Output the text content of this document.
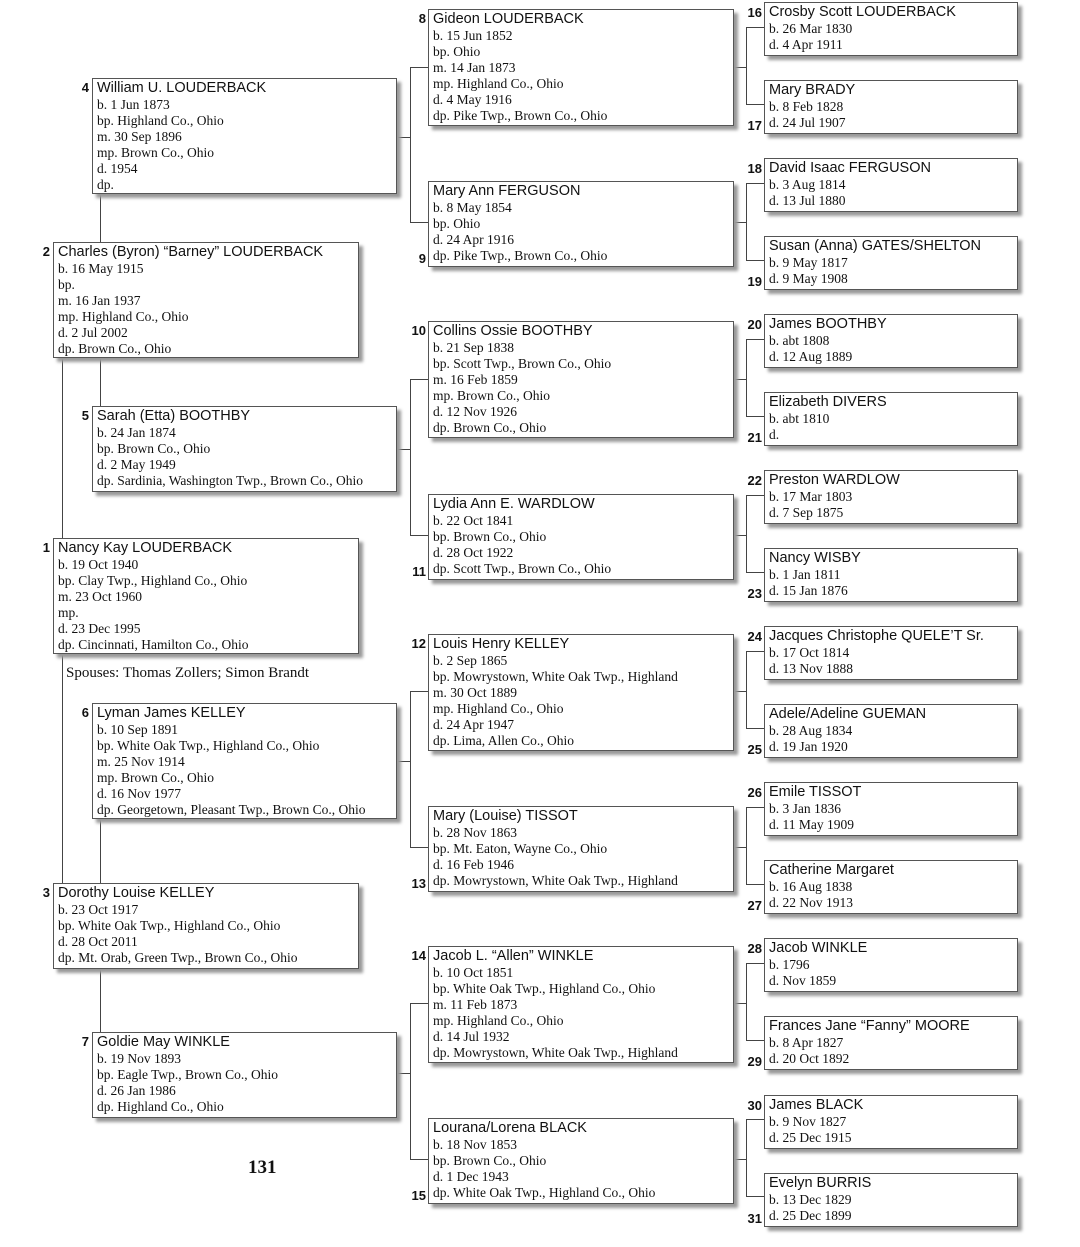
Nancy Kay LOUDERBACK
b. 19 Oct 1940
bp. Clay Twp., Highland Co., Ohio
m. 23 Oct 1960
mp.
d. 23 Dec 1995
dp. Cincinnati, Hamilton Co., Ohio
1
Charles (Byron) “Barney” LOUDERBACK
b. 16 May 1915
bp.
m. 16 Jan 1937
mp. Highland Co., Ohio
d. 2 Jul 2002
dp. Brown Co., Ohio
2
Dorothy Louise KELLEY
b. 23 Oct 1917
bp. White Oak Twp., Highland Co., Ohio
d. 28 Oct 2011
dp. Mt. Orab, Green Twp., Brown Co., Ohio
3
William U. LOUDERBACK
b. 1 Jun 1873
bp. Highland Co., Ohio
m. 30 Sep 1896
mp. Brown Co., Ohio
d. 1954
dp.
4
Sarah (Etta) BOOTHBY
b. 24 Jan 1874
bp. Brown Co., Ohio
d. 2 May 1949
dp. Sardinia, Washington Twp., Brown Co., Ohio
5
Lyman James KELLEY
b. 10 Sep 1891
bp. White Oak Twp., Highland Co., Ohio
m. 25 Nov 1914
mp. Brown Co., Ohio
d. 16 Nov 1977
dp. Georgetown, Pleasant Twp., Brown Co., Ohio
6
Goldie May WINKLE
b. 19 Nov 1893
bp. Eagle Twp., Brown Co., Ohio
d. 26 Jan 1986
dp. Highland Co., Ohio
7
Gideon LOUDERBACK
b. 15 Jun 1852
bp. Ohio
m. 14 Jan 1873
mp. Highland Co., Ohio
d. 4 May 1916
dp. Pike Twp., Brown Co., Ohio
8
Mary Ann FERGUSON
b. 8 May 1854
bp. Ohio
d. 24 Apr 1916
dp. Pike Twp., Brown Co., Ohio
9
Collins Ossie BOOTHBY
b. 21 Sep 1838
bp. Scott Twp., Brown Co., Ohio
m. 16 Feb 1859
mp. Brown Co., Ohio
d. 12 Nov 1926
dp. Brown Co., Ohio
10
Lydia Ann E. WARDLOW
b. 22 Oct 1841
bp. Brown Co., Ohio
d. 28 Oct 1922
dp. Scott Twp., Brown Co., Ohio
11
Louis Henry KELLEY
b. 2 Sep 1865
bp. Mowrystown, White Oak Twp., Highland
m. 30 Oct 1889
mp. Highland Co., Ohio
d. 24 Apr 1947
dp. Lima, Allen Co., Ohio
12
Mary (Louise) TISSOT
b. 28 Nov 1863
bp. Mt. Eaton, Wayne Co., Ohio
d. 16 Feb 1946
dp. Mowrystown, White Oak Twp., Highland
13
Jacob L. “Allen” WINKLE
b. 10 Oct 1851
bp. White Oak Twp., Highland Co., Ohio
m. 11 Feb 1873
mp. Highland Co., Ohio
d. 14 Jul 1932
dp. Mowrystown, White Oak Twp., Highland
14
Lourana/Lorena BLACK
b. 18 Nov 1853
bp. Brown Co., Ohio
d. 1 Dec 1943
dp. White Oak Twp., Highland Co., Ohio
15
Crosby Scott LOUDERBACK
b. 26 Mar 1830
d. 4 Apr 1911
16
Mary BRADY
b. 8 Feb 1828
d. 24 Jul 1907
17
David Isaac FERGUSON
b. 3 Aug 1814
d. 13 Jul 1880
18
Susan (Anna) GATES/SHELTON
b. 9 May 1817
d. 9 May 1908
19
James BOOTHBY
b. abt 1808
d. 12 Aug 1889
20
Elizabeth DIVERS
b. abt 1810
d.
21
Preston WARDLOW
b. 17 Mar 1803
d. 7 Sep 1875
22
Nancy WISBY
b. 1 Jan 1811
d. 15 Jan 1876
23
Jacques Christophe QUELE’T Sr.
b. 17 Oct 1814
d. 13 Nov 1888
24
Adele/Adeline GUEMAN
b. 28 Aug 1834
d. 19 Jan 1920
25
Emile TISSOT
b. 3 Jan 1836
d. 11 May 1909
26
Catherine Margaret
b. 16 Aug 1838
d. 22 Nov 1913
27
Jacob WINKLE
b. 1796
d. Nov 1859
28
Frances Jane “Fanny” MOORE
b. 8 Apr 1827
d. 20 Oct 1892
29
James BLACK
b. 9 Nov 1827
d. 25 Dec 1915
30
Evelyn BURRIS
b. 13 Dec 1829
d. 25 Dec 1899
31
Spouses: Thomas Zollers; Simon Brandt
131
